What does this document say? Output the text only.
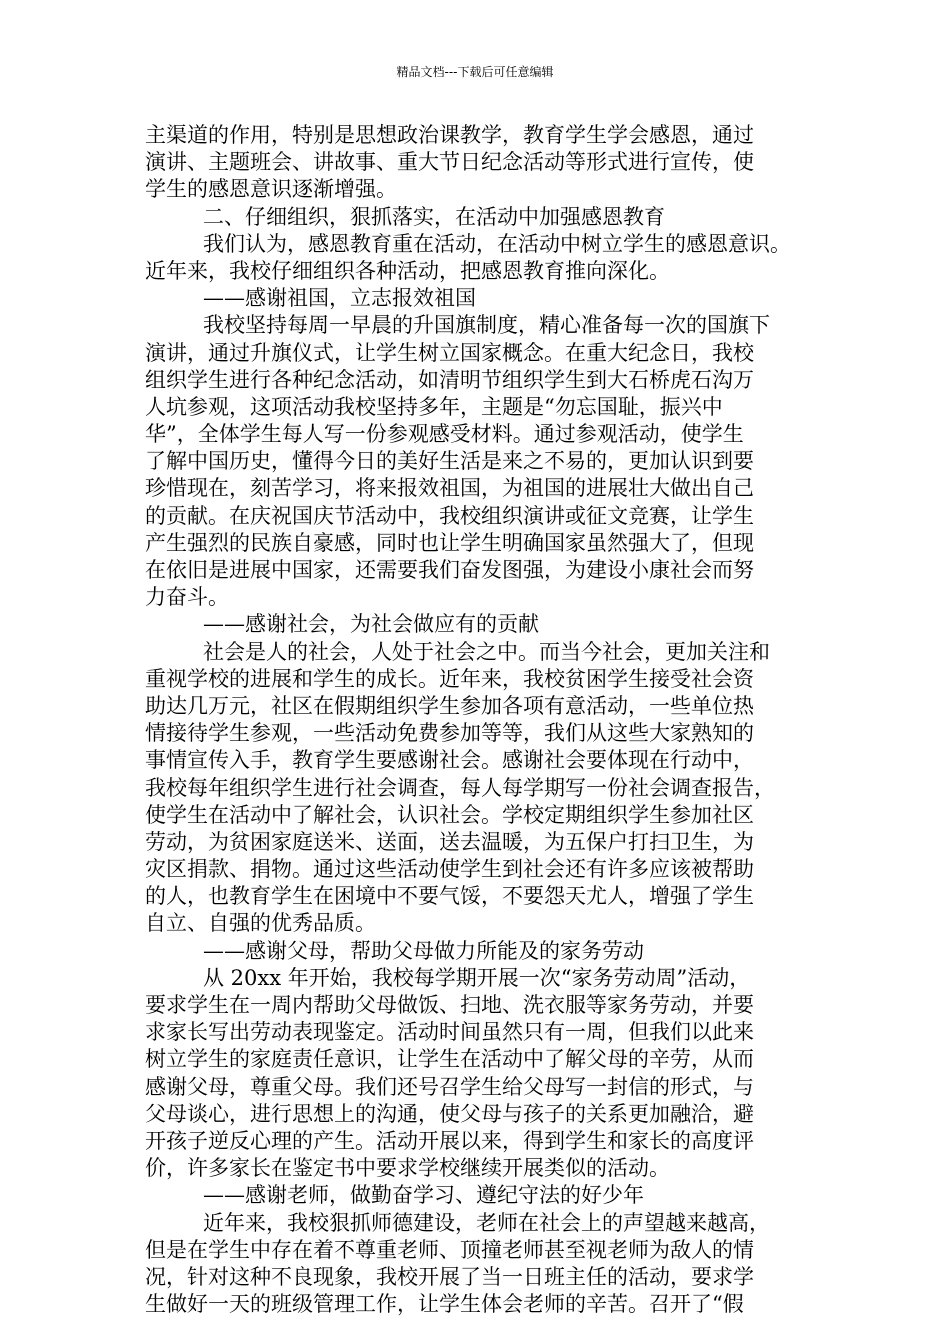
精品文档---下载后可任意编辑
主渠道的作用，特别是思想政治课教学，教育学生学会感恩，通过
演讲、主题班会、讲故事、重大节日纪念活动等形式进行宣传，使
学生的感恩意识逐渐增强。
二、仔细组织，狠抓落实，在活动中加强感恩教育
我们认为，感恩教育重在活动，在活动中树立学生的感恩意识。
近年来，我校仔细组织各种活动，把感恩教育推向深化。
——感谢祖国，立志报效祖国
我校坚持每周一早晨的升国旗制度，精心准备每一次的国旗下
演讲，通过升旗仪式，让学生树立国家概念。在重大纪念日，我校
组织学生进行各种纪念活动，如清明节组织学生到大石桥虎石沟万
人坑参观，这项活动我校坚持多年，主题是“勿忘国耻，振兴中
华”，全体学生每人写一份参观感受材料。通过参观活动，使学生
了解中国历史，懂得今日的美好生活是来之不易的，更加认识到要
珍惜现在，刻苦学习，将来报效祖国，为祖国的进展壮大做出自己
的贡献。在庆祝国庆节活动中，我校组织演讲或征文竞赛，让学生
产生强烈的民族自豪感，同时也让学生明确国家虽然强大了，但现
在依旧是进展中国家，还需要我们奋发图强，为建设小康社会而努
力奋斗。
——感谢社会，为社会做应有的贡献
社会是人的社会，人处于社会之中。而当今社会，更加关注和
重视学校的进展和学生的成长。近年来，我校贫困学生接受社会资
助达几万元，社区在假期组织学生参加各项有意活动，一些单位热
情接待学生参观，一些活动免费参加等等，我们从这些大家熟知的
事情宣传入手，教育学生要感谢社会。感谢社会要体现在行动中，
我校每年组织学生进行社会调查，每人每学期写一份社会调查报告，
使学生在活动中了解社会，认识社会。学校定期组织学生参加社区
劳动，为贫困家庭送米、送面，送去温暖，为五保户打扫卫生，为
灾区捐款、捐物。通过这些活动使学生到社会还有许多应该被帮助
的人，也教育学生在困境中不要气馁，不要怨天尤人，增强了学生
自立、自强的优秀品质。
——感谢父母，帮助父母做力所能及的家务劳动
从 20xx 年开始，我校每学期开展一次“家务劳动周”活动，
要求学生在一周内帮助父母做饭、扫地、洗衣服等家务劳动，并要
求家长写出劳动表现鉴定。活动时间虽然只有一周，但我们以此来
树立学生的家庭责任意识，让学生在活动中了解父母的辛劳，从而
感谢父母，尊重父母。我们还号召学生给父母写一封信的形式，与
父母谈心，进行思想上的沟通，使父母与孩子的关系更加融洽，避
开孩子逆反心理的产生。活动开展以来，得到学生和家长的高度评
价，许多家长在鉴定书中要求学校继续开展类似的活动。
——感谢老师，做勤奋学习、遵纪守法的好少年
近年来，我校狠抓师德建设，老师在社会上的声望越来越高，
但是在学生中存在着不尊重老师、顶撞老师甚至视老师为敌人的情
况，针对这种不良现象，我校开展了当一日班主任的活动，要求学
生做好一天的班级管理工作，让学生体会老师的辛苦。召开了“假
